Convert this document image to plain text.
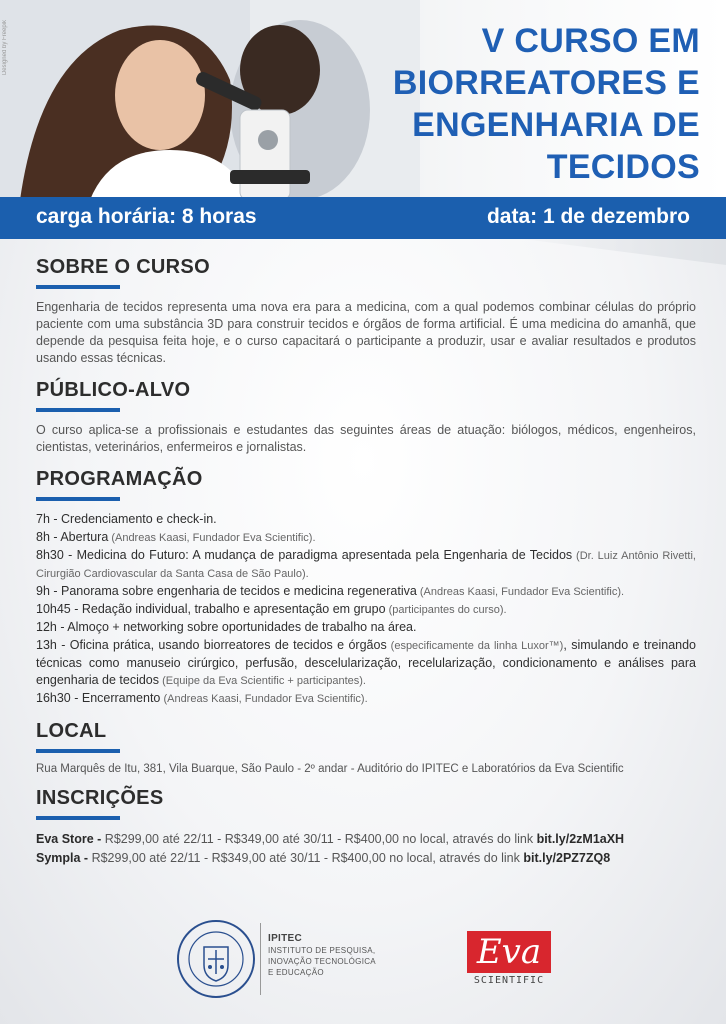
Designed by Freepik	V CURSO EM BIORREATORES E ENGENHARIA DE TECIDOS
carga horária: 8 horas	data: 1 de dezembro
SOBRE O CURSO

Engenharia de tecidos representa uma nova era para a medicina, com a qual podemos combinar células do próprio paciente com uma substância 3D para construir tecidos e órgãos de forma artificial. É uma medicina do amanhã, que depende da pesquisa feita hoje, e o curso capacitará o participante a produzir, usar e avaliar resultados e produtos usando essas técnicas.

PÚBLICO-ALVO

O curso aplica-se a profissionais e estudantes das seguintes áreas de atuação: biólogos, médicos, engenheiros, cientistas, veterinários, enfermeiros e jornalistas.

PROGRAMAÇÃO
7h - Credenciamento e check-in.
8h - Abertura (Andreas Kaasi, Fundador Eva Scientific).
8h30 - Medicina do Futuro: A mudança de paradigma apresentada pela Engenharia de Tecidos (Dr. Luiz Antônio Rivetti, Cirurgião Cardiovascular da Santa Casa de São Paulo).
9h - Panorama sobre engenharia de tecidos e medicina regenerativa (Andreas Kaasi, Fundador Eva Scientific).
10h45 - Redação individual, trabalho e apresentação em grupo (participantes do curso).
12h - Almoço + networking sobre oportunidades de trabalho na área.
13h - Oficina prática, usando biorreatores de tecidos e órgãos (especificamente da linha Luxor™), simulando e treinando técnicas como manuseio cirúrgico, perfusão, descelularização, recelularização, condicionamento e análises para engenharia de tecidos (Equipe da Eva Scientific + participantes).
16h30 - Encerramento (Andreas Kaasi, Fundador Eva Scientific).
LOCAL

Rua Marquês de Itu, 381, Vila Buarque, São Paulo - 2º andar - Auditório do IPITEC e Laboratórios da Eva Scientific

INSCRIÇÕES
Eva Store - R$299,00 até 22/11 - R$349,00 até 30/11 - R$400,00 no local, através do link bit.ly/2zM1aXH
Sympla - R$299,00 até 22/11 - R$349,00 até 30/11 - R$400,00 no local, através do link bit.ly/2PZ7ZQ8
IPITEC
INSTITUTO DE PESQUISA,
INOVAÇÃO TECNOLÓGICA
E EDUCAÇÃO
Eva
SCIENTIFIC
